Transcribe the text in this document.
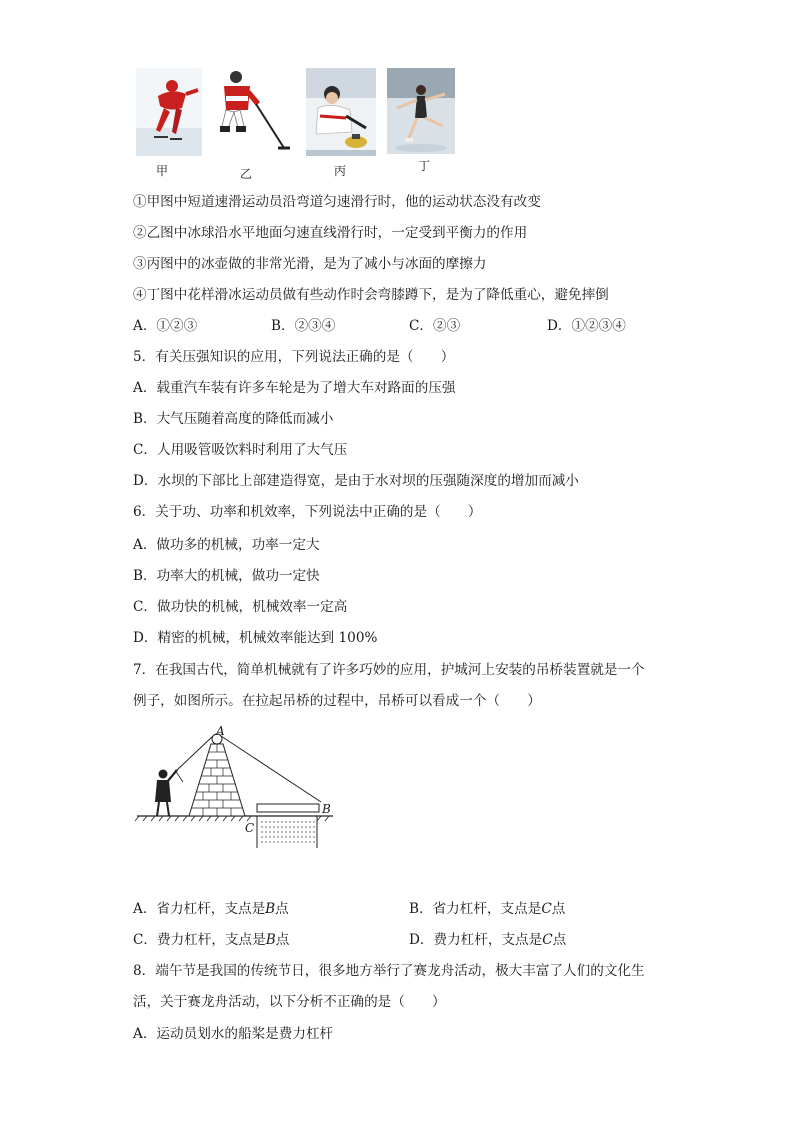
甲	乙	丙	丁
①甲图中短道速滑运动员沿弯道匀速滑行时，他的运动状态没有改变
②乙图中冰球沿水平地面匀速直线滑行时，一定受到平衡力的作用
③丙图中的冰壶做的非常光滑，是为了减小与冰面的摩擦力
④丁图中花样滑冰运动员做有些动作时会弯膝蹲下，是为了降低重心，避免摔倒
A．①②③	B．②③④	C．②③	D．①②③④
5．有关压强知识的应用，下列说法正确的是（　　）
A．载重汽车装有许多车轮是为了增大车对路面的压强
B．大气压随着高度的降低而减小
C．人用吸管吸饮料时利用了大气压
D．水坝的下部比上部建造得宽，是由于水对坝的压强随深度的增加而减小
6．关于功、功率和机效率，下列说法中正确的是（　　）
A．做功多的机械，功率一定大
B．功率大的机械，做功一定快
C．做功快的机械，机械效率一定高
D．精密的机械，机械效率能达到 100%
7．在我国古代，简单机械就有了许多巧妙的应用，护城河上安装的吊桥装置就是一个
例子，如图所示。在拉起吊桥的过程中，吊桥可以看成一个（　　）
A
B
C
A．省力杠杆，支点是B点	B．省力杠杆，支点是C点
C．费力杠杆，支点是B点	D．费力杠杆，支点是C点
8．端午节是我国的传统节日，很多地方举行了赛龙舟活动，极大丰富了人们的文化生
活，关于赛龙舟活动，以下分析不正确的是（　　）
A．运动员划水的船桨是费力杠杆
